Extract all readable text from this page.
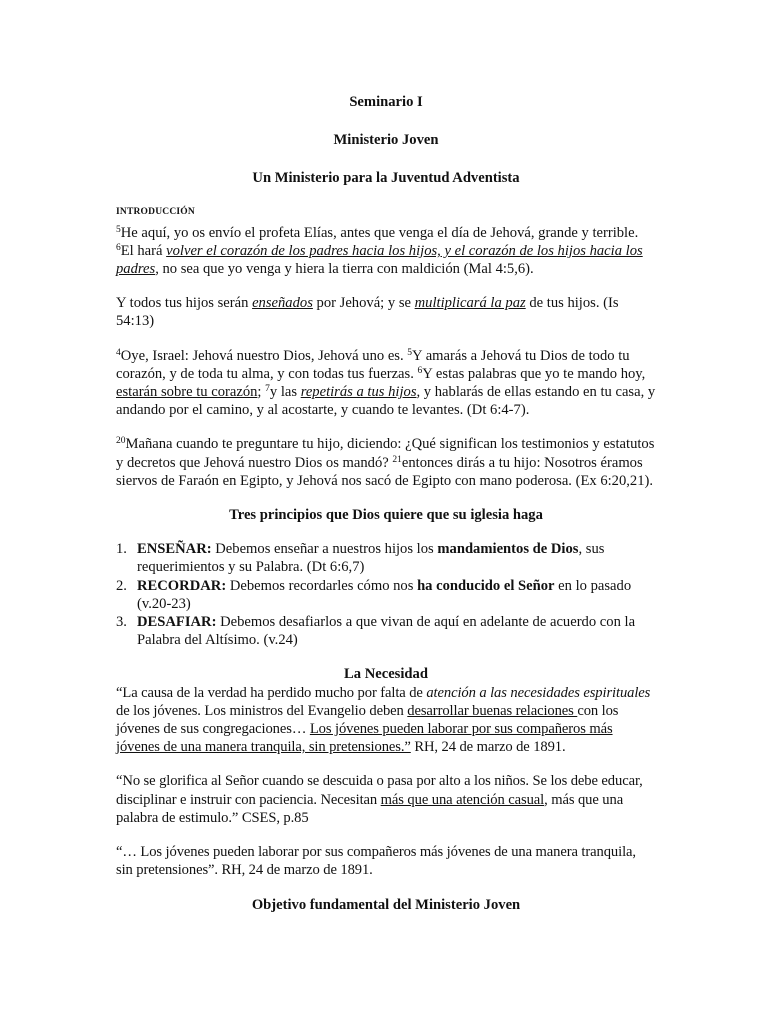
Seminario I
Ministerio Joven
Un Ministerio para la Juventud Adventista
INTRODUCCIÓN

$^5$He aquí, yo os envío el profeta Elías, antes que venga el día de Jehová, grande y terrible. $^6$El hará volver el corazón de los padres hacia los hijos, y el corazón de los hijos hacia los padres, no sea que yo venga y hiera la tierra con maldición (Mal 4:5,6).

Y todos tus hijos serán enseñados por Jehová; y se multiplicará la paz de tus hijos. (Is 54:13)

$^4$Oye, Israel: Jehová nuestro Dios, Jehová uno es. $^5$Y amarás a Jehová tu Dios de todo tu corazón, y de toda tu alma, y con todas tus fuerzas. $^6$Y estas palabras que yo te mando hoy, estarán sobre tu corazón; $^7$y las repetirás a tus hijos, y hablarás de ellas estando en tu casa, y andando por el camino, y al acostarte, y cuando te levantes. (Dt 6:4-7).

$^{20}$Mañana cuando te preguntare tu hijo, diciendo: ¿Qué significan los testimonios y estatutos y decretos que Jehová nuestro Dios os mandó? $^{21}$entonces dirás a tu hijo: Nosotros éramos siervos de Faraón en Egipto, y Jehová nos sacó de Egipto con mano poderosa. (Ex 6:20,21).

Tres principios que Dios quiere que su iglesia haga
1. ENSEÑAR: Debemos enseñar a nuestros hijos los mandamientos de Dios, sus requerimientos y su Palabra. (Dt 6:6,7)
2. RECORDAR: Debemos recordarles cómo nos ha conducido el Señor en lo pasado (v.20-23)
3. DESAFIAR: Debemos desafiarlos a que vivan de aquí en adelante de acuerdo con la Palabra del Altísimo. (v.24)
La Necesidad

“La causa de la verdad ha perdido mucho por falta de atención a las necesidades espirituales de los jóvenes. Los ministros del Evangelio deben desarrollar buenas relaciones con los jóvenes de sus congregaciones… Los jóvenes pueden laborar por sus compañeros más jóvenes de una manera tranquila, sin pretensiones.” RH, 24 de marzo de 1891.

“No se glorifica al Señor cuando se descuida o pasa por alto a los niños. Se los debe educar, disciplinar e instruir con paciencia. Necesitan más que una atención casual, más que una palabra de estimulo.” CSES, p.85

“… Los jóvenes pueden laborar por sus compañeros más jóvenes de una manera tranquila, sin pretensiones”. RH, 24 de marzo de 1891.

Objetivo fundamental del Ministerio Joven
